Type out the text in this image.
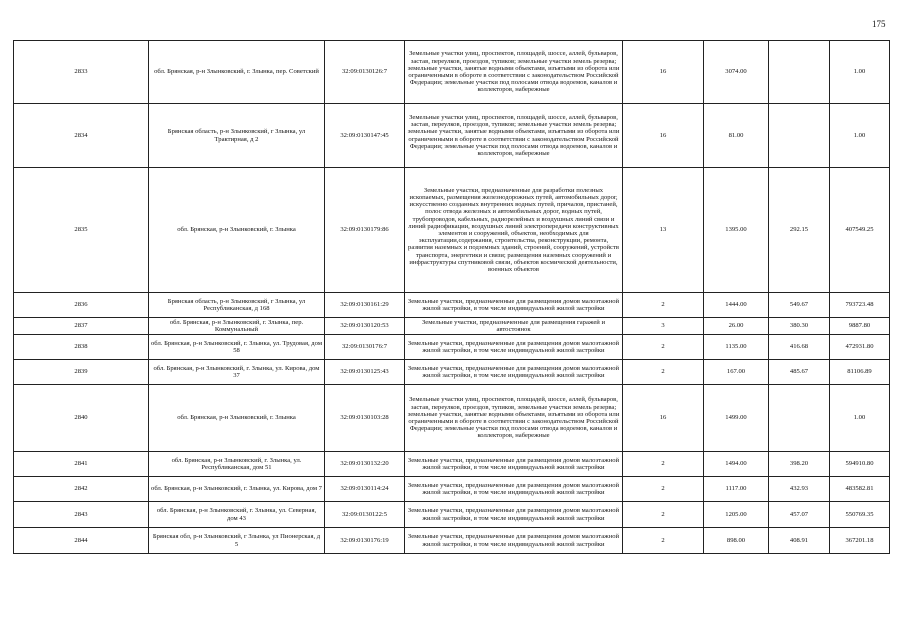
175
2833	обл. Брянская, р-н Злынковский, г. Злынка, пер. Советский	32:09:0130126:7	Земельные участки улиц, проспектов, площадей, шоссе, аллей, бульваров, застав, переулков, проездов, тупиков; земельные участки земель резерва; земельные участки, занятые водными объектами, изъятыми из оборота или ограниченными в обороте в соответствии с законодательством Российской Федерации; земельные участки под полосами отвода водоемов, каналов и коллекторов, набережные	16	3074.00		1.00
2834	Брянская область, р-н Злынковский, г Злынка, ул Трактирная, д 2	32:09:0130147:45	Земельные участки улиц, проспектов, площадей, шоссе, аллей, бульваров, застав, переулков, проездов, тупиков; земельные участки земель резерва; земельные участки, занятые водными объектами, изъятыми из оборота или ограниченными в обороте в соответствии с законодательством Российской Федерации; земельные участки под полосами отвода водоемов, каналов и коллекторов, набережные	16	81.00		1.00
2835	обл. Брянская, р-н Злынковский, г. Злынка	32:09:0130179:86	Земельные участки, предназначенные для разработки полезных ископаемых, размещения железнодорожных путей, автомобильных дорог, искусственно созданных внутренних водных путей, причалов, пристаней, полос отвода железных и автомобильных дорог, водных путей, трубопроводов, кабельных, радиорелейных и воздушных линий связи и линий радиофикации, воздушных линий электропередачи конструктивных элементов и сооружений, объектов, необходимых для эксплуатации,содержания, строительства, реконструкции, ремонта, развития наземных и подземных зданий, строений, сооружений, устройств транспорта, энергетики и связи; размещения наземных сооружений и инфраструктуры спутниковой связи, объектов космической деятельности, военных объектов	13	1395.00	292.15	407549.25
2836	Брянская область, р-н Злынковский, г Злынка, ул Республиканская, д 168	32:09:0130161:29	Земельные участки, предназначенные для размещения домов малоэтажной жилой застройки, в том числе индивидуальной жилой застройки	2	1444.00	549.67	793723.48
2837	обл. Брянская, р-н Злынковский, г. Злынка, пер. Коммунальный	32:09:0130120:53	Земельные участки, предназначенные для размещения гаражей и автостоянок	3	26.00	380.30	9887.80
2838	обл. Брянская, р-н Злынковский, г. Злынка, ул. Трудовая, дом 58	32:09:0130176:7	Земельные участки, предназначенные для размещения домов малоэтажной жилой застройки, в том числе индивидуальной жилой застройки	2	1135.00	416.68	472931.80
2839	обл. Брянская, р-н Злынковский, г. Злынка, ул. Кирова, дом 37	32:09:0130125:43	Земельные участки, предназначенные для размещения домов малоэтажной жилой застройки, в том числе индивидуальной жилой застройки	2	167.00	485.67	81106.89
2840	обл. Брянская, р-н Злынковский, г. Злынка	32:09:0130103:28	Земельные участки улиц, проспектов, площадей, шоссе, аллей, бульваров, застав, переулков, проездов, тупиков, земельные участки земель резерва; земельные участки, занятые водными объектами, изъятыми из оборота или ограниченными в обороте в соответствии с законодательством Российской Федерации; земельные участки под полосами отвода водоемов, каналов и коллекторов, набережные	16	1499.00		1.00
2841	обл. Брянская, р-н Злынковский, г. Злынка, ул. Республиканская, дом 51	32:09:0130132:20	Земельные участки, предназначенные для размещения домов малоэтажной жилой застройки, в том числе индивидуальной жилой застройки	2	1494.00	398.20	594910.80
2842	обл. Брянская, р-н Злынковский, г. Злынка, ул. Кирова, дом 7	32:09:0130114:24	Земельные участки, предназначенные для размещения домов малоэтажной жилой застройки, в том числе индивидуальной жилой застройки	2	1117.00	432.93	483582.81
2843	обл. Брянская, р-н Злынковский, г. Злынка, ул. Северная, дом 43	32:09:0130122:5	Земельные участки, предназначенные для размещения домов малоэтажной жилой застройки, в том числе индивидуальной жилой застройки	2	1205.00	457.07	550769.35
2844	Брянская обл, р-н Злынковский, г Злынка, ул Пионерская, д 5	32:09:0130176:19	Земельные участки, предназначенные для размещения домов малоэтажной жилой застройки, в том числе индивидуальной жилой застройки	2	898.00	408.91	367201.18
